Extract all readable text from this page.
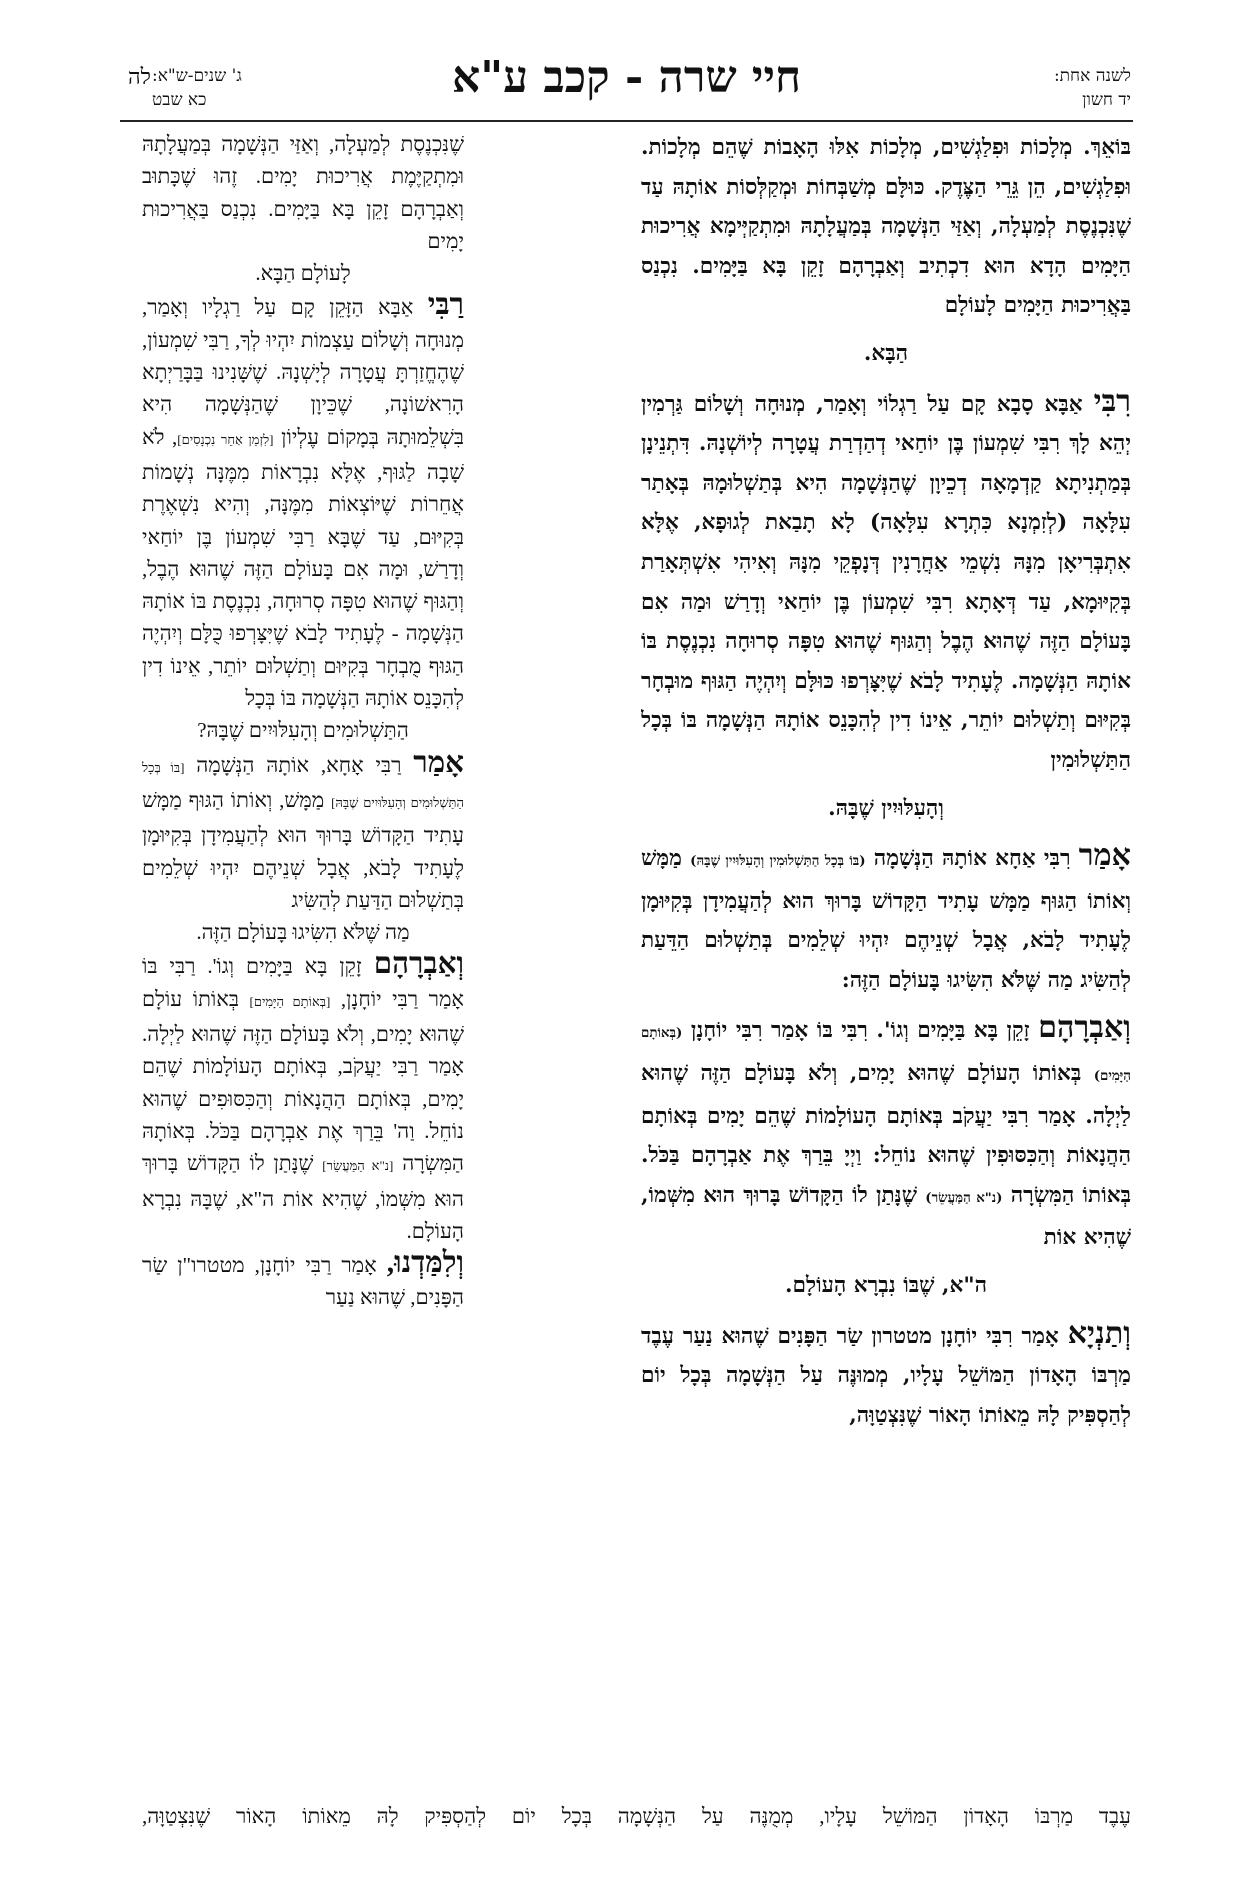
לשנה אחת:
יד חשון
חיי שרה - קכב ע"א
ג' שנים-ש"א:
כא שבט
לה

בּוֹאֵךְ. מְלָכוֹת וּפִלַגְשִׁים, מְלָכוֹת אִלּוּ הָאָבוֹת שֶׁהֵם מְלָכוֹת. וּפִלַגְשִׁים, הֵן גֵּרֵי הַצֶּדֶק. כּוּלָּם מְשַׁבְּחוֹת וּמְקַלְּסוֹת אוֹתָהּ עַד שֶׁנִּכְנֶסֶת לְמַעְלָה, וְאַזַּי הַנְּשָׁמָה בְּמַעֲלָתָהּ וּמִתְקַיְּימָא אֲרִיכוּת הַיָּמִים הָדָא הוּא דִכְתִיב וְאַבְרָהָם זָקֵן בָּא בַּיָּמִים. נִכְנַס בַּאֲרִיכוּת הַיָּמִים לָעוֹלָם

הַבָּא.

רִבִּי אַבָּא סָבָא קָם עַל רַגְלוֹי וְאָמַר, מְנוּחָה וְשָׁלוֹם גַּרְמִין יְהֵא לָךְ רִבִּי שִׁמְעוֹן בֶּן יוֹחַאי דְהַדְרַת עֲטָרָה לְיוֹשְׁנָהּ. דִּתְנֵינָן בְּמַתְנִיתָא קַדְמָאָה דְכֵיוָן שֶׁהַנְּשָׁמָה הִיא בְּתַשְׁלוּמָהּ בְּאָתַר עִלָּאָה (לְזִמְנָא כִּתְרָא עִלָּאָה) לָא תָבַאת לְגוּפָא, אֶלָּא אִתְבְּרִיאָן מִנָּהּ נִשְׁמֵי אַחֲרָנִין דְּנָפְקֵי מִנָּהּ וְאִיהִי אִשְׁתְּאָרַת בְּקִיּוּמָא, עַד דְּאָתָא רִבִּי שִׁמְעוֹן בֶּן יוֹחַאי וְדָרַשׁ וּמַה אִם בָּעוֹלָם הַזֶּה שֶׁהוּא הֶבֶל וְהַגּוּף שֶׁהוּא טִפָּה סְרוּחָה נִכְנֶסֶת בּוֹ אוֹתָהּ הַנְּשָׁמָה. לֶעָתִיד לָבֹא שֶׁיִּצָּרְפוּ כּוּלָּם וְיִהְיֶה הַגּוּף מוּבְחָר בְּקִיּוּם וְתַשְׁלוּם יוֹתֵר, אֵינוֹ דִין לְהִכָּנֵס אוֹתָהּ הַנְּשָׁמָה בּוֹ בְּכָל הַתַּשְׁלוּמִין

וְהָעִלּוּיִין שֶׁבָּהּ.

אָמַר רִבִּי אַחָא אוֹתָהּ הַנְּשָׁמָה (בּוֹ בְּכָל הַתַּשְׁלוּמִין וְהָעִלּוּיִין שֶׁבָּהּ) מַמָּשׁ וְאוֹתוֹ הַגּוּף מַמָּשׁ עָתִיד הַקָּדוֹשׁ בָּרוּךְ הוּא לְהַעֲמִידָן בְּקִיּוּמָן לֶעָתִיד לָבֹא, אֲבָל שְׁנֵיהֶם יִהְיוּ שְׁלֵמִים בְּתַשְׁלוּם הַדֵּעַת לְהַשִּׂיג מַה שֶּׁלֹּא הִשִּׂיגוּ בָּעוֹלָם הַזֶּה:

וְאַבְרָהָם זָקֵן בָּא בַּיָּמִים וְגוֹ'. רִבִּי בּוֹ אָמַר רִבִּי יוֹחָנָן (בְּאוֹתָם הַיָּמִים) בְּאוֹתוֹ הָעוֹלָם שֶׁהוּא יָמִים, וְלֹא בָּעוֹלָם הַזֶּה שֶׁהוּא לַיְלָה. אָמַר רִבִּי יַעֲקֹב בְּאוֹתָם הָעוֹלָמוֹת שֶׁהֵם יָמִים בְּאוֹתָם הַהֲנָאוֹת וְהַכִּסּוּפִין שֶׁהוּא נוֹחֵל: וַיְיָ בֵּרַךְ אֶת אַבְרָהָם בַּכֹּל. בְּאוֹתוֹ הַמִּשְׂרָה (נ"א הַמַּעֲשֵׂר) שֶׁנָּתַן לוֹ הַקָּדוֹשׁ בָּרוּךְ הוּא מִשְּׁמוֹ, שֶׁהִיא אוֹת

ה"א, שֶׁבּוֹ נִבְרָא הָעוֹלָם.

וְתַנְיָא אָמַר רִבִּי יוֹחָנָן מטטרון שַׂר הַפָּנִים שֶׁהוּא נַעַר עֶבֶד מַרְבּוֹ הָאָדוֹן הַמּוֹשֵׁל עָלָיו, מְמוּנֶּה עַל הַנְּשָׁמָה בְּכָל יוֹם לְהַסְפִּיק לָהּ מֵאוֹתוֹ הָאוֹר שֶׁנִּצְטַוָּה,

שֶׁנִּכְנֶסֶת לְמַעְלָה, וְאַזַּי הַנְּשָׁמָה בְּמַעֲלָתָהּ וּמִתְקַיֶּמֶת אֲרִיכוּת יָמִים. זֶהוּ שֶׁכָּתוּב וְאַבְרָהָם זָקֵן בָּא בַּיָּמִים. נִכְנַס בַּאֲרִיכוּת יָמִים

לָעוֹלָם הַבָּא.

רַבִּי אַבָּא הַזָּקֵן קָם עַל רַגְלָיו וְאָמַר, מְנוּחָה וְשָׁלוֹם עַצְמוֹת יִהְיוּ לְךָ, רַבִּי שִׁמְעוֹן, שֶׁהֶחֱזַרְתָּ עֲטָרָה לְיָשְׁנָהּ. שֶׁשָּׁנִינוּ בַּבָּרַיְתָא הָרִאשׁוֹנָה, שֶׁכֵּיוָן שֶׁהַנְּשָׁמָה הִיא בִּשְׁלֵמוּתָהּ בְּמָקוֹם עֶלְיוֹן [לִזְמַן אַחֵר נִכְנָסִים], לֹא שָׁבָה לַגּוּף, אֶלָּא נִבְרָאוֹת מִמֶּנָּה נְשָׁמוֹת אֲחֵרוֹת שֶׁיּוֹצְאוֹת מִמֶּנָּה, וְהִיא נִשְׁאֶרֶת בְּקִיּוּם, עַד שֶׁבָּא רַבִּי שִׁמְעוֹן בֶּן יוֹחַאי וְדָרַשׁ, וּמָה אִם בָּעוֹלָם הַזֶּה שֶׁהוּא הֶבֶל, וְהַגּוּף שֶׁהוּא טִפָּה סְרוּחָה, נִכְנֶסֶת בּוֹ אוֹתָהּ הַנְּשָׁמָה - לֶעָתִיד לָבֹא שֶׁיִּצָּרְפוּ כֻּלָּם וְיִהְיֶה הַגּוּף מֻבְחָר בְּקִיּוּם וְתַשְׁלוּם יוֹתֵר, אֵינוֹ דִין לְהִכָּנֵס אוֹתָהּ הַנְּשָׁמָה בּוֹ בְּכָל

הַתַּשְׁלוּמִים וְהָעִלּוּיִים שֶׁבָּהּ?

אָמַר רַבִּי אָחָא, אוֹתָהּ הַנְּשָׁמָה [בּוֹ בְּכָל הַתַּשְׁלוּמִים וְהָעִלּוּיִים שֶׁבָּהּ] מַמָּשׁ, וְאוֹתוֹ הַגּוּף מַמָּשׁ עָתִיד הַקָּדוֹשׁ בָּרוּךְ הוּא לְהַעֲמִידָן בְּקִיּוּמָן לֶעָתִיד לָבֹא, אֲבָל שְׁנֵיהֶם יִהְיוּ שְׁלֵמִים בְּתַשְׁלוּם הַדַּעַת לְהַשִּׂיג

מַה שֶּׁלֹּא הִשִּׂיגוּ בָּעוֹלָם הַזֶּה.

וְאַבְרָהָם זָקֵן בָּא בַּיָּמִים וְגוֹ'. רַבִּי בּוֹ אָמַר רַבִּי יוֹחָנָן, [בְּאוֹתָם הַיָּמִים] בְּאוֹתוֹ עוֹלָם שֶׁהוּא יָמִים, וְלֹא בָּעוֹלָם הַזֶּה שֶׁהוּא לַיְלָה. אָמַר רַבִּי יַעֲקֹב, בְּאוֹתָם הָעוֹלָמוֹת שֶׁהֵם יָמִים, בְּאוֹתָם הַהֲנָאוֹת וְהַכִּסּוּפִים שֶׁהוּא נוֹחֵל. וַה' בֵּרַךְ אֶת אַבְרָהָם בַּכֹּל. בְּאוֹתָהּ הַמִּשְׂרָה [נ"א הַמַּעֲשֵׂר] שֶׁנָּתַן לוֹ הַקָּדוֹשׁ בָּרוּךְ הוּא מִשְּׁמוֹ, שֶׁהִיא אוֹת ה"א, שֶׁבָּהּ נִבְרָא הָעוֹלָם.

וְלִמַּדְנוּ, אָמַר רַבִּי יוֹחָנָן, מטטרו"ן שַׂר הַפָּנִים, שֶׁהוּא נַעַר

עֶבֶד מַרְבּוֹ הָאָדוֹן הַמּוֹשֵׁל עָלָיו, מְמֻנֶּה עַל הַנְּשָׁמָה בְּכָל יוֹם לְהַסְפִּיק לָהּ מֵאוֹתוֹ הָאוֹר שֶׁנִּצְטַוָּה,
